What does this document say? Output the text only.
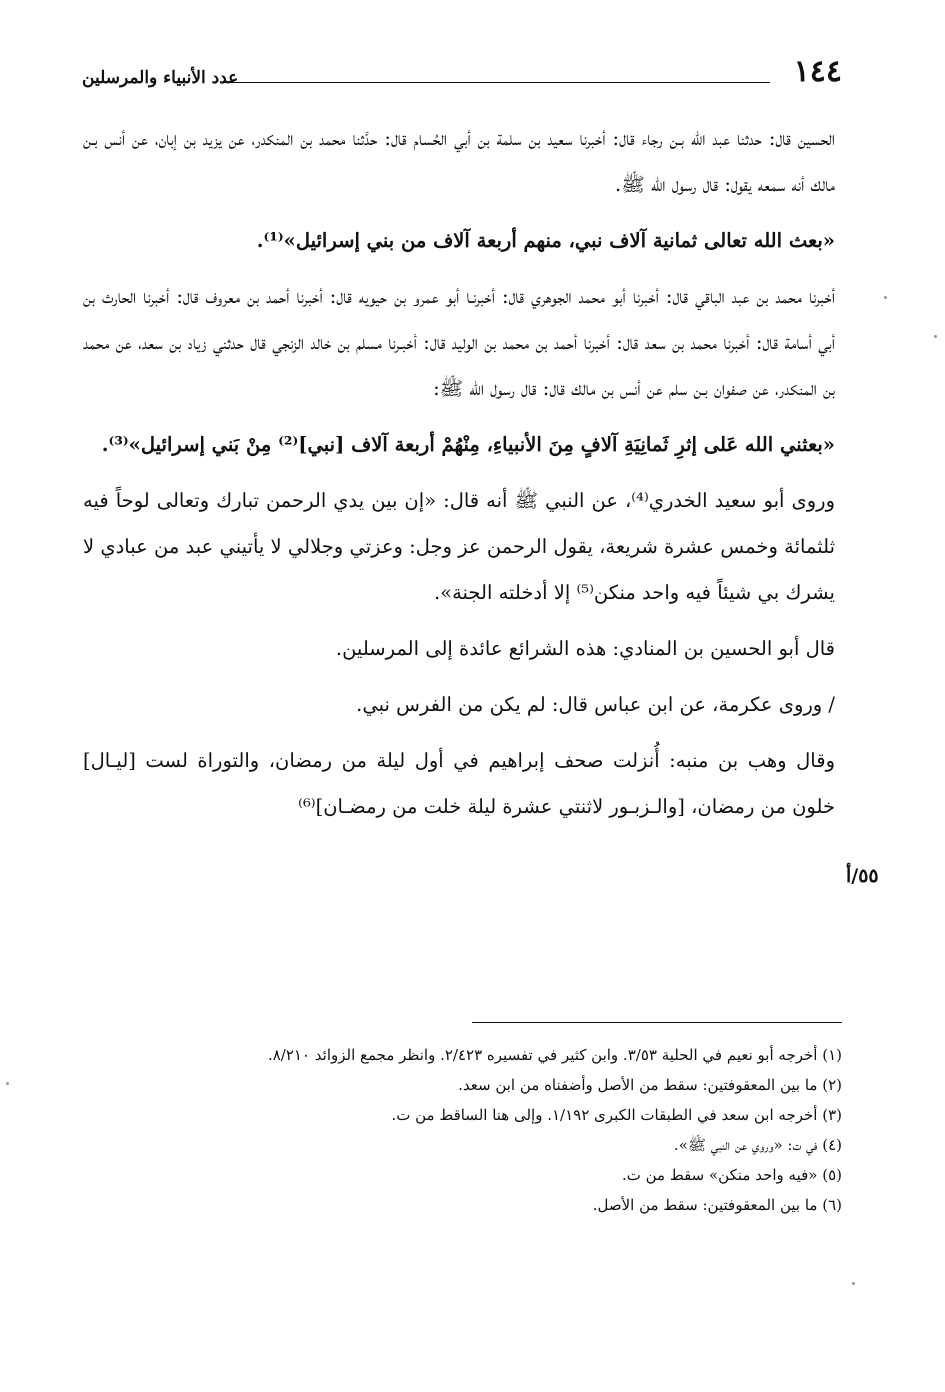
١٤٤
عدد الأنبياء والمرسلين

الحسين قال: حدثنا عبد الله بـن رجاء قال: أخبرنا سعيد بن سلمة بن أبي الحُسام قال: حدَّثنا محمد بن المنكدر، عن يزيد بن إبان، عن أنس بـن مالك أنه سمعه يقول: قال رسول الله ﷺ.

«بعث الله تعالى ثمانية آلاف نبي، منهم أربعة آلاف من بني إسرائيل»⁽¹⁾.

أخبرنا محمد بن عبد الباقي قال: أخبرنا أبو محمد الجوهري قال: أخبرنـا أبو عمرو بن حيويه قال: أخبرنا أحمد بن معروف قال: أخبرنا الحارث بن أبي أسامة قال: أخبرنا محمد بن سعد قال: أخبرنا أحمد بن محمد بن الوليد قال: أخبـرنا مسلم بن خالد الزنجي قال حدثني زياد بن سعد، عن محمد بن المنكدر، عن صفوان بـن سلم عن أنس بن مالك قال: قال رسول الله ﷺ:

«بعثني الله عَلى إثرِ ثَمانِيَةِ آلافٍ مِنَ الأنبياءِ، مِنْهُمْ أربعة آلاف [نبي]⁽²⁾ مِنْ بَني إسرائيل»⁽³⁾.

وروى أبو سعيد الخدري⁽⁴⁾، عن النبي ﷺ أنه قال: «إن بين يدي الرحمن تبارك وتعالى لوحاً فيه ثلثمائة وخمس عشرة شريعة، يقول الرحمن عز وجل: وعزتي وجلالي لا يأتيني عبد من عبادي لا يشرك بي شيئاً فيه واحد منكن⁽⁵⁾ إلا أدخلته الجنة».

قال أبو الحسين بن المنادي: هذه الشرائع عائدة إلى المرسلين.

/ وروى عكرمة، عن ابن عباس قال: لم يكن من الفرس نبي.

وقال وهب بن منبه: أُنزلت صحف إبراهيم في أول ليلة من رمضان، والتوراة لست [ليـال] خلون من رمضان، [والـزبـور لاثنتي عشرة ليلة خلت من رمضـان]⁽⁶⁾

٥٥/أ

(١) أخرجه أبو نعيم في الحلية ٣/٥٣. وابن كثير في تفسيره ٢/٤٢٣. وانظر مجمع الزوائد ٨/٢١٠.

(٢) ما بين المعقوفتين: سقط من الأصل وأضفناه من ابن سعد.

(٣) أخرجه ابن سعد في الطبقات الكبرى ١/١٩٢. وإلى هنا الساقط من ت.

(٤) في ت: «وروي عن النبي ﷺ».

(٥) «فيه واحد منكن» سقط من ت.

(٦) ما بين المعقوفتين: سقط من الأصل.
